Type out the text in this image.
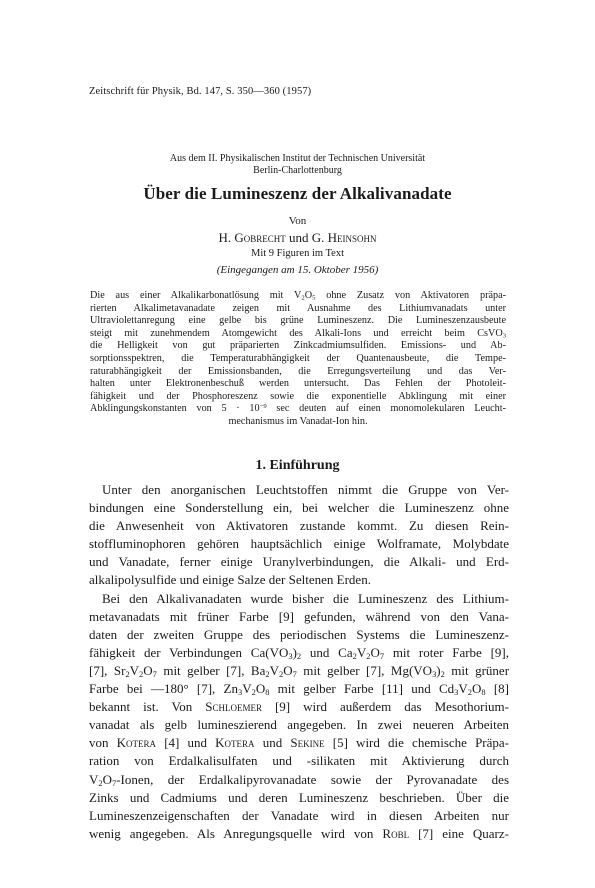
Zeitschrift für Physik, Bd. 147, S. 350—360 (1957)
Aus dem II. Physikalischen Institut der Technischen Universität
Berlin-Charlottenburg
Über die Lumineszenz der Alkalivanadate
Von
H. Gobrecht und G. Heinsohn
Mit 9 Figuren im Text
(Eingegangen am 15. Oktober 1956)
Die aus einer Alkalikarbonatlösung mit $V_2O_5$ ohne Zusatz von Aktivatoren präpa-
rierten Alkalimetavanadate zeigen mit Ausnahme des Lithiumvanadats unter
Ultraviolettanregung eine gelbe bis grüne Lumineszenz. Die Lumineszenzausbeute
steigt mit zunehmendem Atomgewicht des Alkali-Ions und erreicht beim CsVO$_3$
die Helligkeit von gut präparierten Zinkcadmiumsulfiden. Emissions- und Ab-
sorptionsspektren, die Temperaturabhängigkeit der Quantenausbeute, die Tempe-
raturabhängigkeit der Emissionsbanden, die Erregungsverteilung und das Ver-
halten unter Elektronenbeschuß werden untersucht. Das Fehlen der Photoleit-
fähigkeit und der Phosphoreszenz sowie die exponentielle Abklingung mit einer
Abklingungskonstanten von $5 \cdot 10^{-9}$ sec deuten auf einen monomolekularen Leucht-
mechanismus im Vanadat-Ion hin.
1. Einführung
Unter den anorganischen Leuchtstoffen nimmt die Gruppe von Ver-
bindungen eine Sonderstellung ein, bei welcher die Lumineszenz ohne
die Anwesenheit von Aktivatoren zustande kommt. Zu diesen Rein-
stoffluminophoren gehören hauptsächlich einige Wolframate, Molybdate
und Vanadate, ferner einige Uranylverbindungen, die Alkali- und Erd-
alkalipolysulfide und einige Salze der Seltenen Erden.
Bei den Alkalivanadaten wurde bisher die Lumineszenz des Lithium-
metavanadats mit früner Farbe [9] gefunden, während von den Vana-
daten der zweiten Gruppe des periodischen Systems die Lumineszenz-
fähigkeit der Verbindungen $Ca(VO_3)_2$ und $Ca_2V_2O_7$ mit roter Farbe [9],
[7], $Sr_2V_2O_7$ mit gelber [7], $Ba_2V_2O_7$ mit gelber [7], $Mg(VO_3)_2$ mit grüner
Farbe bei —180° [7], $Zn_3V_2O_8$ mit gelber Farbe [11] und $Cd_3V_2O_8$ [8]
bekannt ist. Von Schloemer [9] wird außerdem das Mesothorium-
vanadat als gelb lumineszierend angegeben. In zwei neueren Arbeiten
von Kotera [4] und Kotera und Sekine [5] wird die chemische Präpa-
ration von Erdalkalisulfaten und -silikaten mit Aktivierung durch
$V_2O_7$-Ionen, der Erdalkalipyrovanadate sowie der Pyrovanadate des
Zinks und Cadmiums und deren Lumineszenz beschrieben. Über die
Lumineszenzeigenschaften der Vanadate wird in diesen Arbeiten nur
wenig angegeben. Als Anregungsquelle wird von Robl [7] eine Quarz-
